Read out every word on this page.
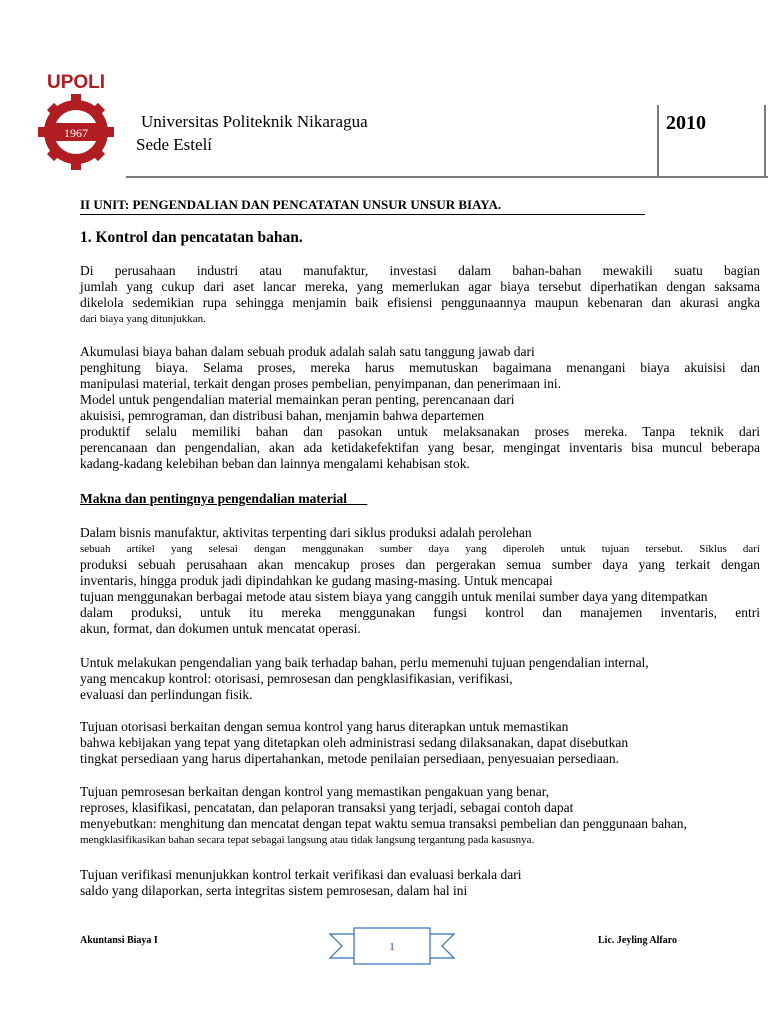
UPOLI
1967
Universitas Politeknik Nikaragua
Sede Estelí
2010
II UNIT: PENGENDALIAN DAN PENCATATAN UNSUR UNSUR BIAYA.
1. Kontrol dan pencatatan bahan.
Di perusahaan industri atau manufaktur, investasi dalam bahan-bahan mewakili suatu bagian
jumlah yang cukup dari aset lancar mereka, yang memerlukan agar biaya tersebut diperhatikan dengan saksama
dikelola sedemikian rupa sehingga menjamin baik efisiensi penggunaannya maupun kebenaran dan akurasi angka
dari biaya yang ditunjukkan.
Akumulasi biaya bahan dalam sebuah produk adalah salah satu tanggung jawab dari
penghitung biaya. Selama proses, mereka harus memutuskan bagaimana menangani biaya akuisisi dan
manipulasi material, terkait dengan proses pembelian, penyimpanan, dan penerimaan ini.
Model untuk pengendalian material memainkan peran penting, perencanaan dari
akuisisi, pemrograman, dan distribusi bahan, menjamin bahwa departemen
produktif selalu memiliki bahan dan pasokan untuk melaksanakan proses mereka. Tanpa teknik dari
perencanaan dan pengendalian, akan ada ketidakefektifan yang besar, mengingat inventaris bisa muncul beberapa
kadang-kadang kelebihan beban dan lainnya mengalami kehabisan stok.
Makna dan pentingnya pengendalian material
Dalam bisnis manufaktur, aktivitas terpenting dari siklus produksi adalah perolehan
sebuah artikel yang selesai dengan menggunakan sumber daya yang diperoleh untuk tujuan tersebut. Siklus dari
produksi sebuah perusahaan akan mencakup proses dan pergerakan semua sumber daya yang terkait dengan
inventaris, hingga produk jadi dipindahkan ke gudang masing-masing. Untuk mencapai
tujuan menggunakan berbagai metode atau sistem biaya yang canggih untuk menilai sumber daya yang ditempatkan
dalam produksi, untuk itu mereka menggunakan fungsi kontrol dan manajemen inventaris, entri
akun, format, dan dokumen untuk mencatat operasi.
Untuk melakukan pengendalian yang baik terhadap bahan, perlu memenuhi tujuan pengendalian internal,
yang mencakup kontrol: otorisasi, pemrosesan dan pengklasifikasian, verifikasi,
evaluasi dan perlindungan fisik.
Tujuan otorisasi berkaitan dengan semua kontrol yang harus diterapkan untuk memastikan
bahwa kebijakan yang tepat yang ditetapkan oleh administrasi sedang dilaksanakan, dapat disebutkan
tingkat persediaan yang harus dipertahankan, metode penilaian persediaan, penyesuaian persediaan.
Tujuan pemrosesan berkaitan dengan kontrol yang memastikan pengakuan yang benar,
reproses, klasifikasi, pencatatan, dan pelaporan transaksi yang terjadi, sebagai contoh dapat
menyebutkan: menghitung dan mencatat dengan tepat waktu semua transaksi pembelian dan penggunaan bahan,
mengklasifikasikan bahan secara tepat sebagai langsung atau tidak langsung tergantung pada kasusnya.
Tujuan verifikasi menunjukkan kontrol terkait verifikasi dan evaluasi berkala dari
saldo yang dilaporkan, serta integritas sistem pemrosesan, dalam hal ini
Akuntansi Biaya I
1
Lic. Jeyling Alfaro
